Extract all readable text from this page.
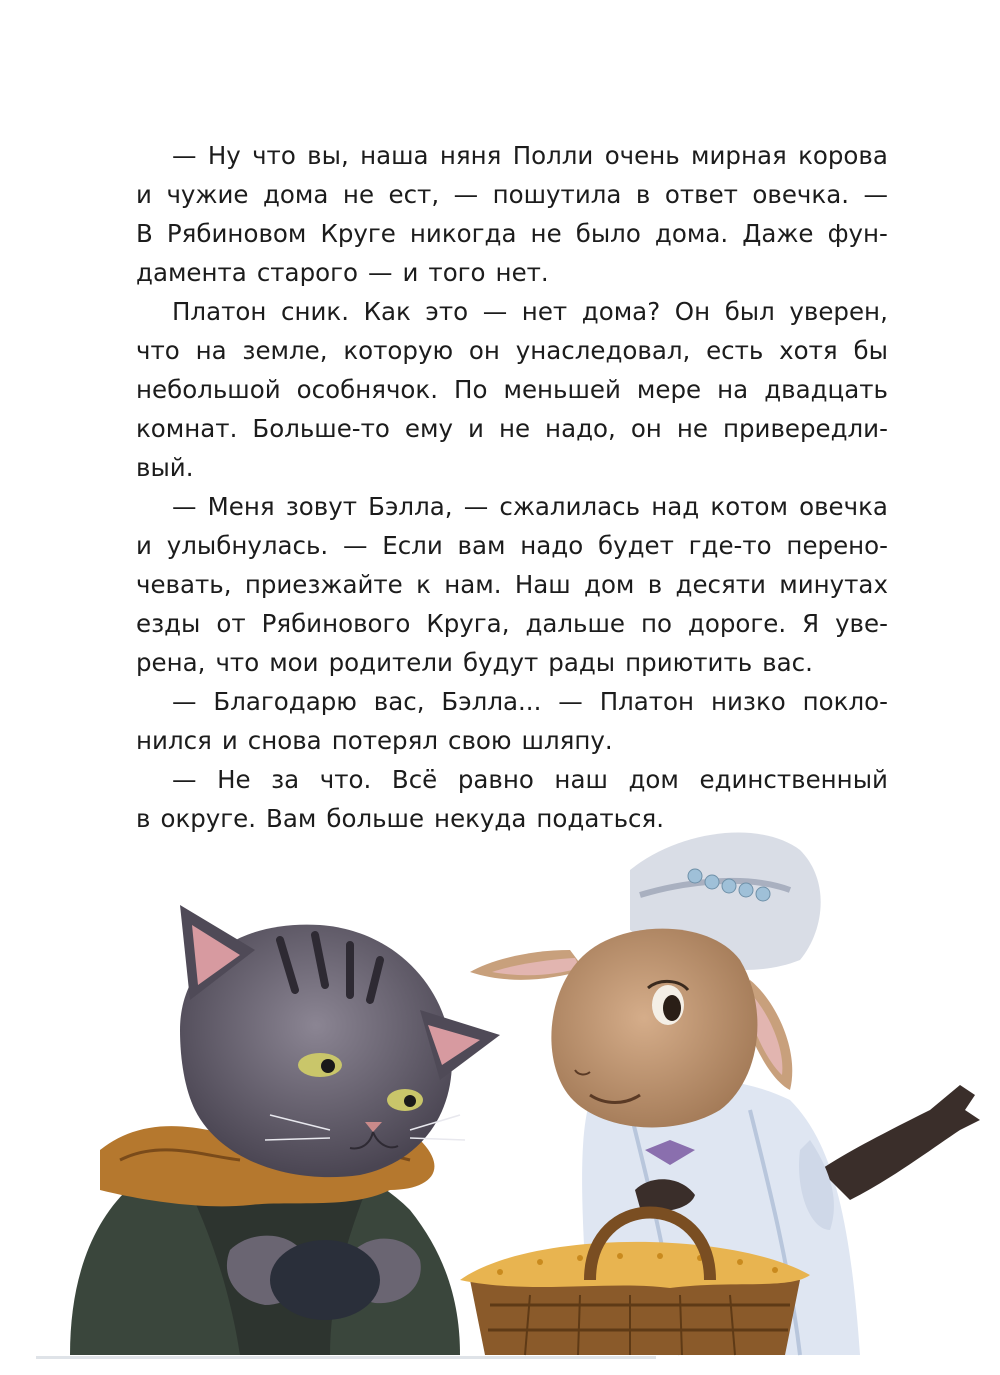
— Ну что вы, наша няня Полли очень мирная корова
и чужие дома не ест, — пошутила в ответ овечка. —
В Рябиновом Круге никогда не было дома. Даже фун-
дамента старого — и того нет.
Платон сник. Как это — нет дома? Он был уверен,
что на земле, которую он унаследовал, есть хотя бы
небольшой особнячок. По меньшей мере на двадцать
комнат. Больше-то ему и не надо, он не привередли-
вый.
— Меня зовут Бэлла, — сжалилась над котом овечка
и улыбнулась. — Если вам надо будет где-то перено-
чевать, приезжайте к нам. Наш дом в десяти минутах
езды от Рябинового Круга, дальше по дороге. Я уве-
рена, что мои родители будут рады приютить вас.
— Благодарю вас, Бэлла... — Платон низко покло-
нился и снова потерял свою шляпу.
— Не за что. Всё равно наш дом единственный
в округе. Вам больше некуда податься.
